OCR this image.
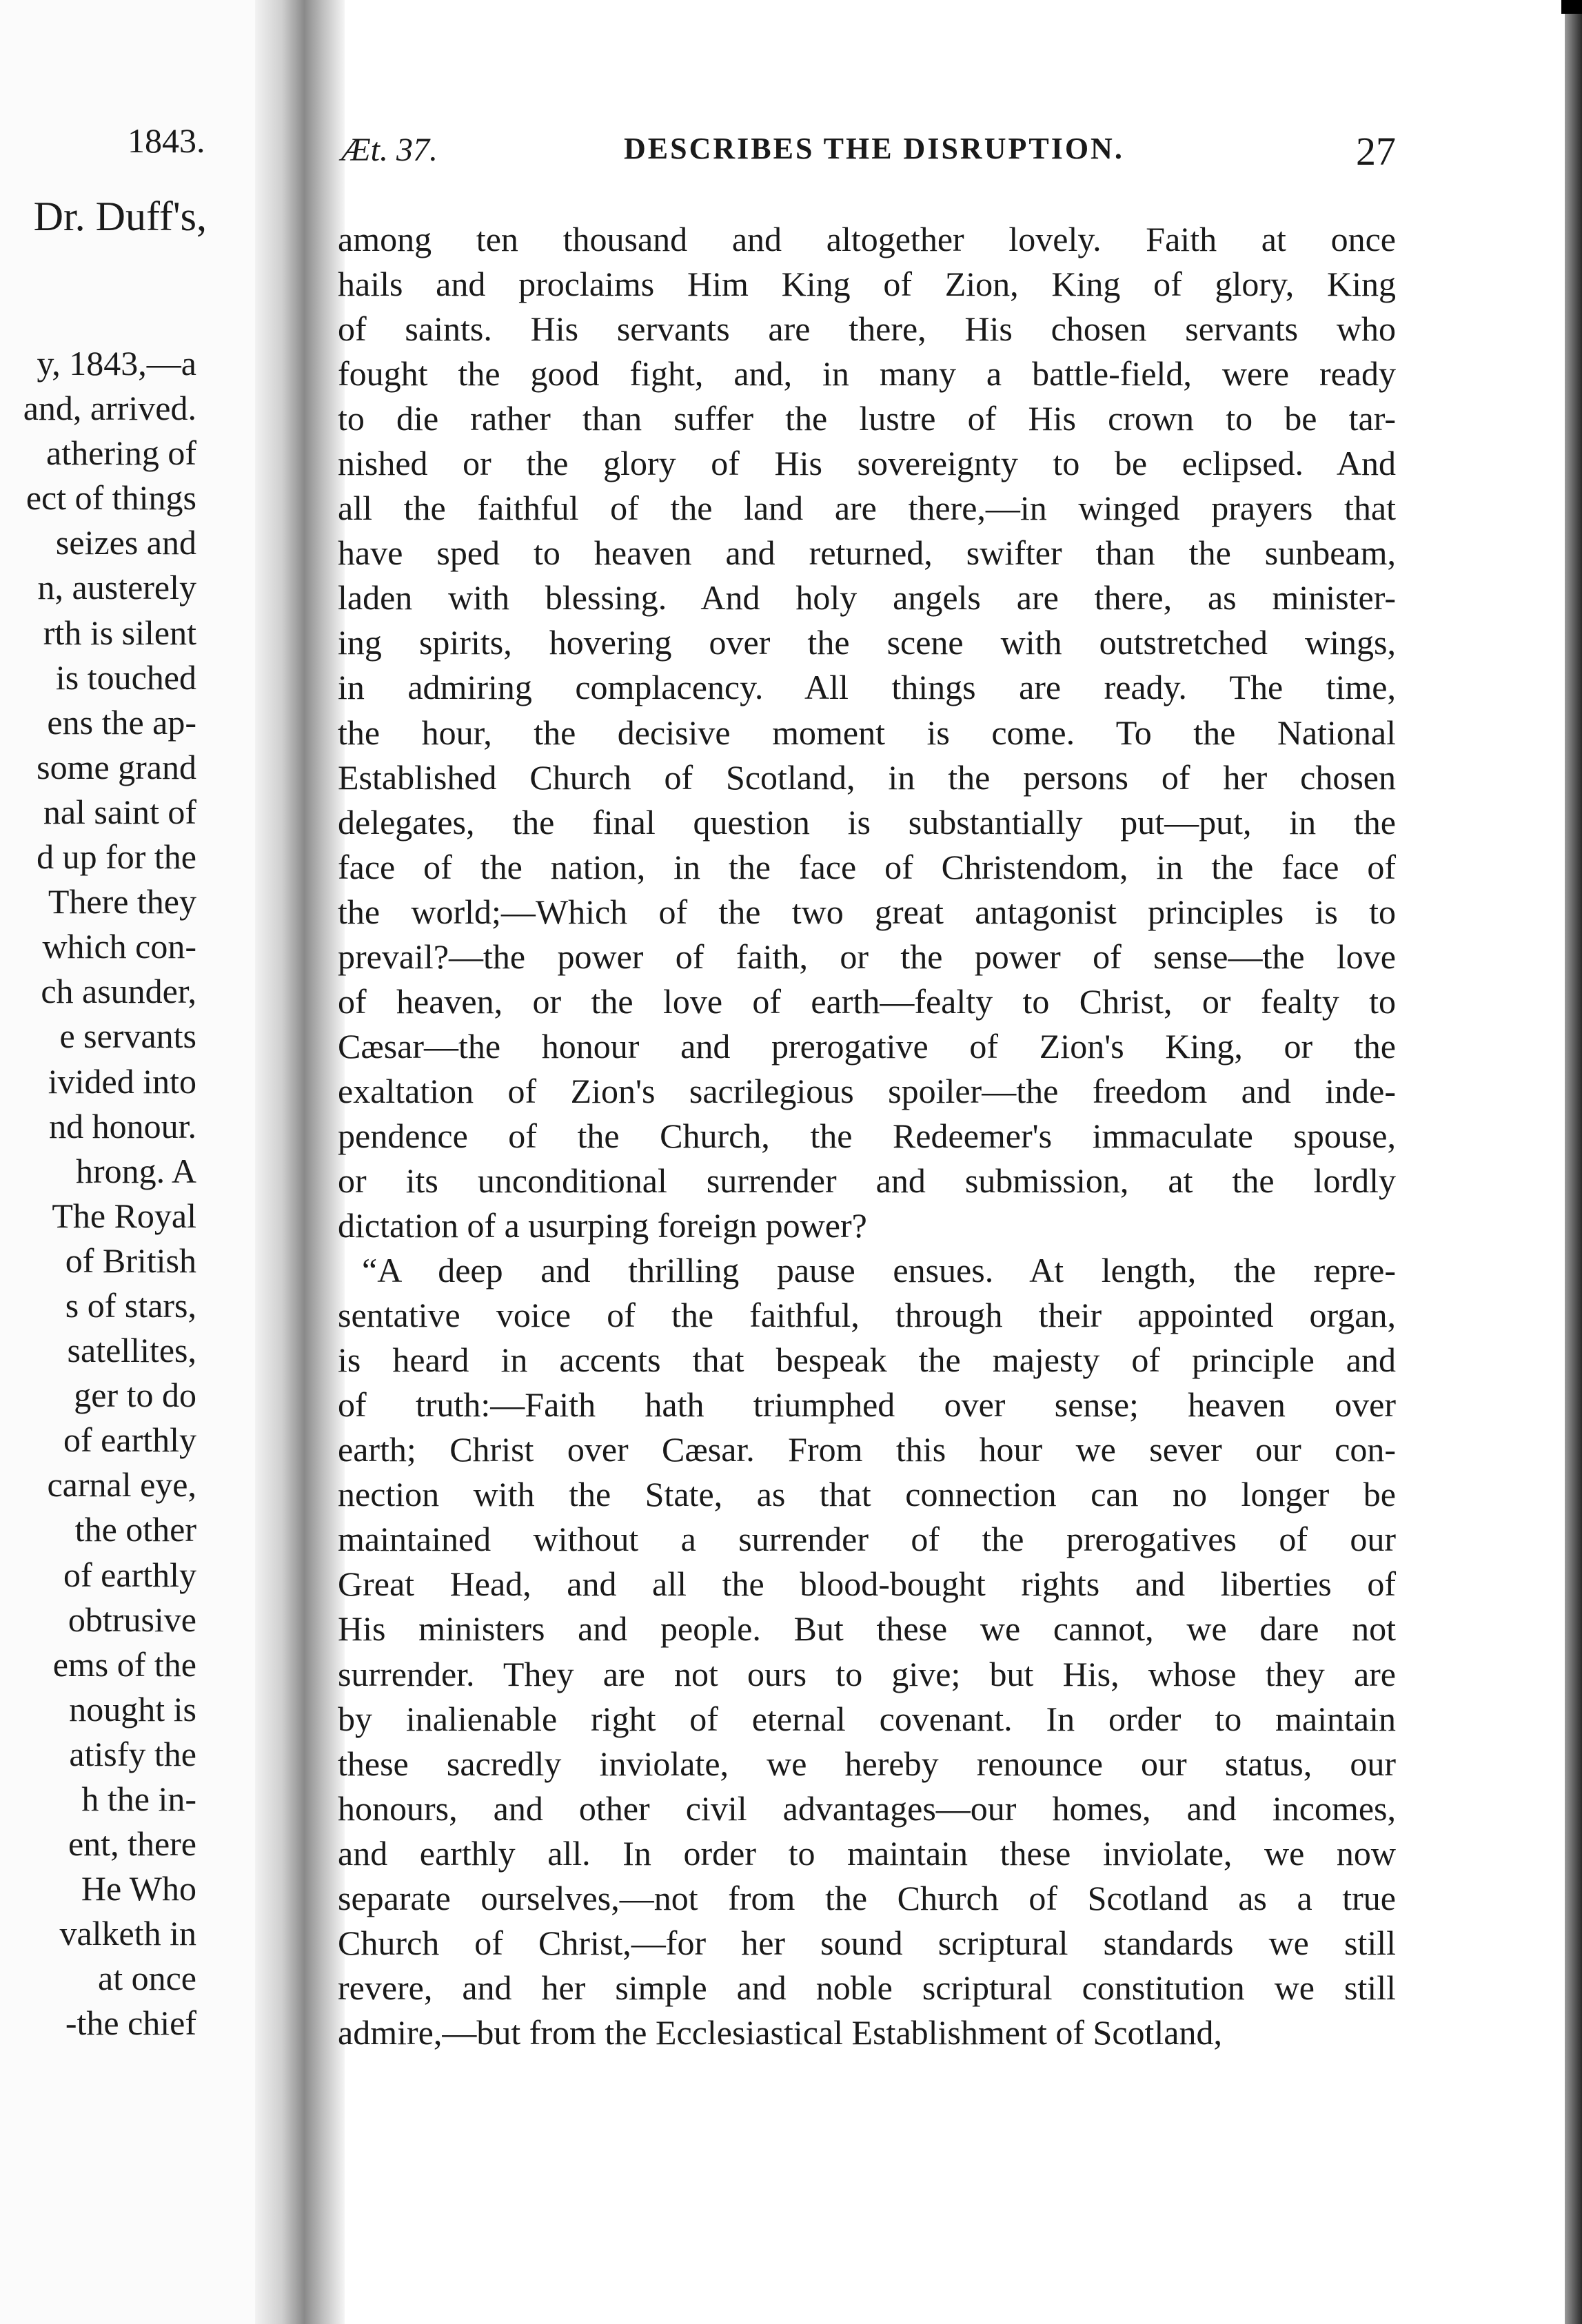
1843.
Dr. Duff's,
y, 1843,—a
and, arrived.
athering of
ect of things
seizes and
n, austerely
rth is silent
is touched
ens the ap-
some grand
nal saint of
d up for the
There they
which con-
ch asunder,
e servants
ivided into
nd honour.
hrong. A
The Royal
of British
s of stars,
satellites,
ger to do
of earthly
carnal eye,
the other
of earthly
obtrusive
ems of the
nought is
atisfy the
h the in-
ent, there
He Who
valketh in
at once
-the chief
Æt. 37.	DESCRIBES THE DISRUPTION.	27
among ten thousand and altogether lovely. Faith at once
hails and proclaims Him King of Zion, King of glory, King
of saints. His servants are there, His chosen servants who
fought the good fight, and, in many a battle-field, were ready
to die rather than suffer the lustre of His crown to be tar-
nished or the glory of His sovereignty to be eclipsed. And
all the faithful of the land are there,—in winged prayers that
have sped to heaven and returned, swifter than the sunbeam,
laden with blessing. And holy angels are there, as minister-
ing spirits, hovering over the scene with outstretched wings,
in admiring complacency. All things are ready. The time,
the hour, the decisive moment is come. To the National
Established Church of Scotland, in the persons of her chosen
delegates, the final question is substantially put—put, in the
face of the nation, in the face of Christendom, in the face of
the world;—Which of the two great antagonist principles is to
prevail?—the power of faith, or the power of sense—the love
of heaven, or the love of earth—fealty to Christ, or fealty to
Cæsar—the honour and prerogative of Zion's King, or the
exaltation of Zion's sacrilegious spoiler—the freedom and inde-
pendence of the Church, the Redeemer's immaculate spouse,
or its unconditional surrender and submission, at the lordly
dictation of a usurping foreign power?
“A deep and thrilling pause ensues. At length, the repre-
sentative voice of the faithful, through their appointed organ,
is heard in accents that bespeak the majesty of principle and
of truth:—Faith hath triumphed over sense; heaven over
earth; Christ over Cæsar. From this hour we sever our con-
nection with the State, as that connection can no longer be
maintained without a surrender of the prerogatives of our
Great Head, and all the blood-bought rights and liberties of
His ministers and people. But these we cannot, we dare not
surrender. They are not ours to give; but His, whose they are
by inalienable right of eternal covenant. In order to maintain
these sacredly inviolate, we hereby renounce our status, our
honours, and other civil advantages—our homes, and incomes,
and earthly all. In order to maintain these inviolate, we now
separate ourselves,—not from the Church of Scotland as a true
Church of Christ,—for her sound scriptural standards we still
revere, and her simple and noble scriptural constitution we still
admire,—but from the Ecclesiastical Establishment of Scotland,
